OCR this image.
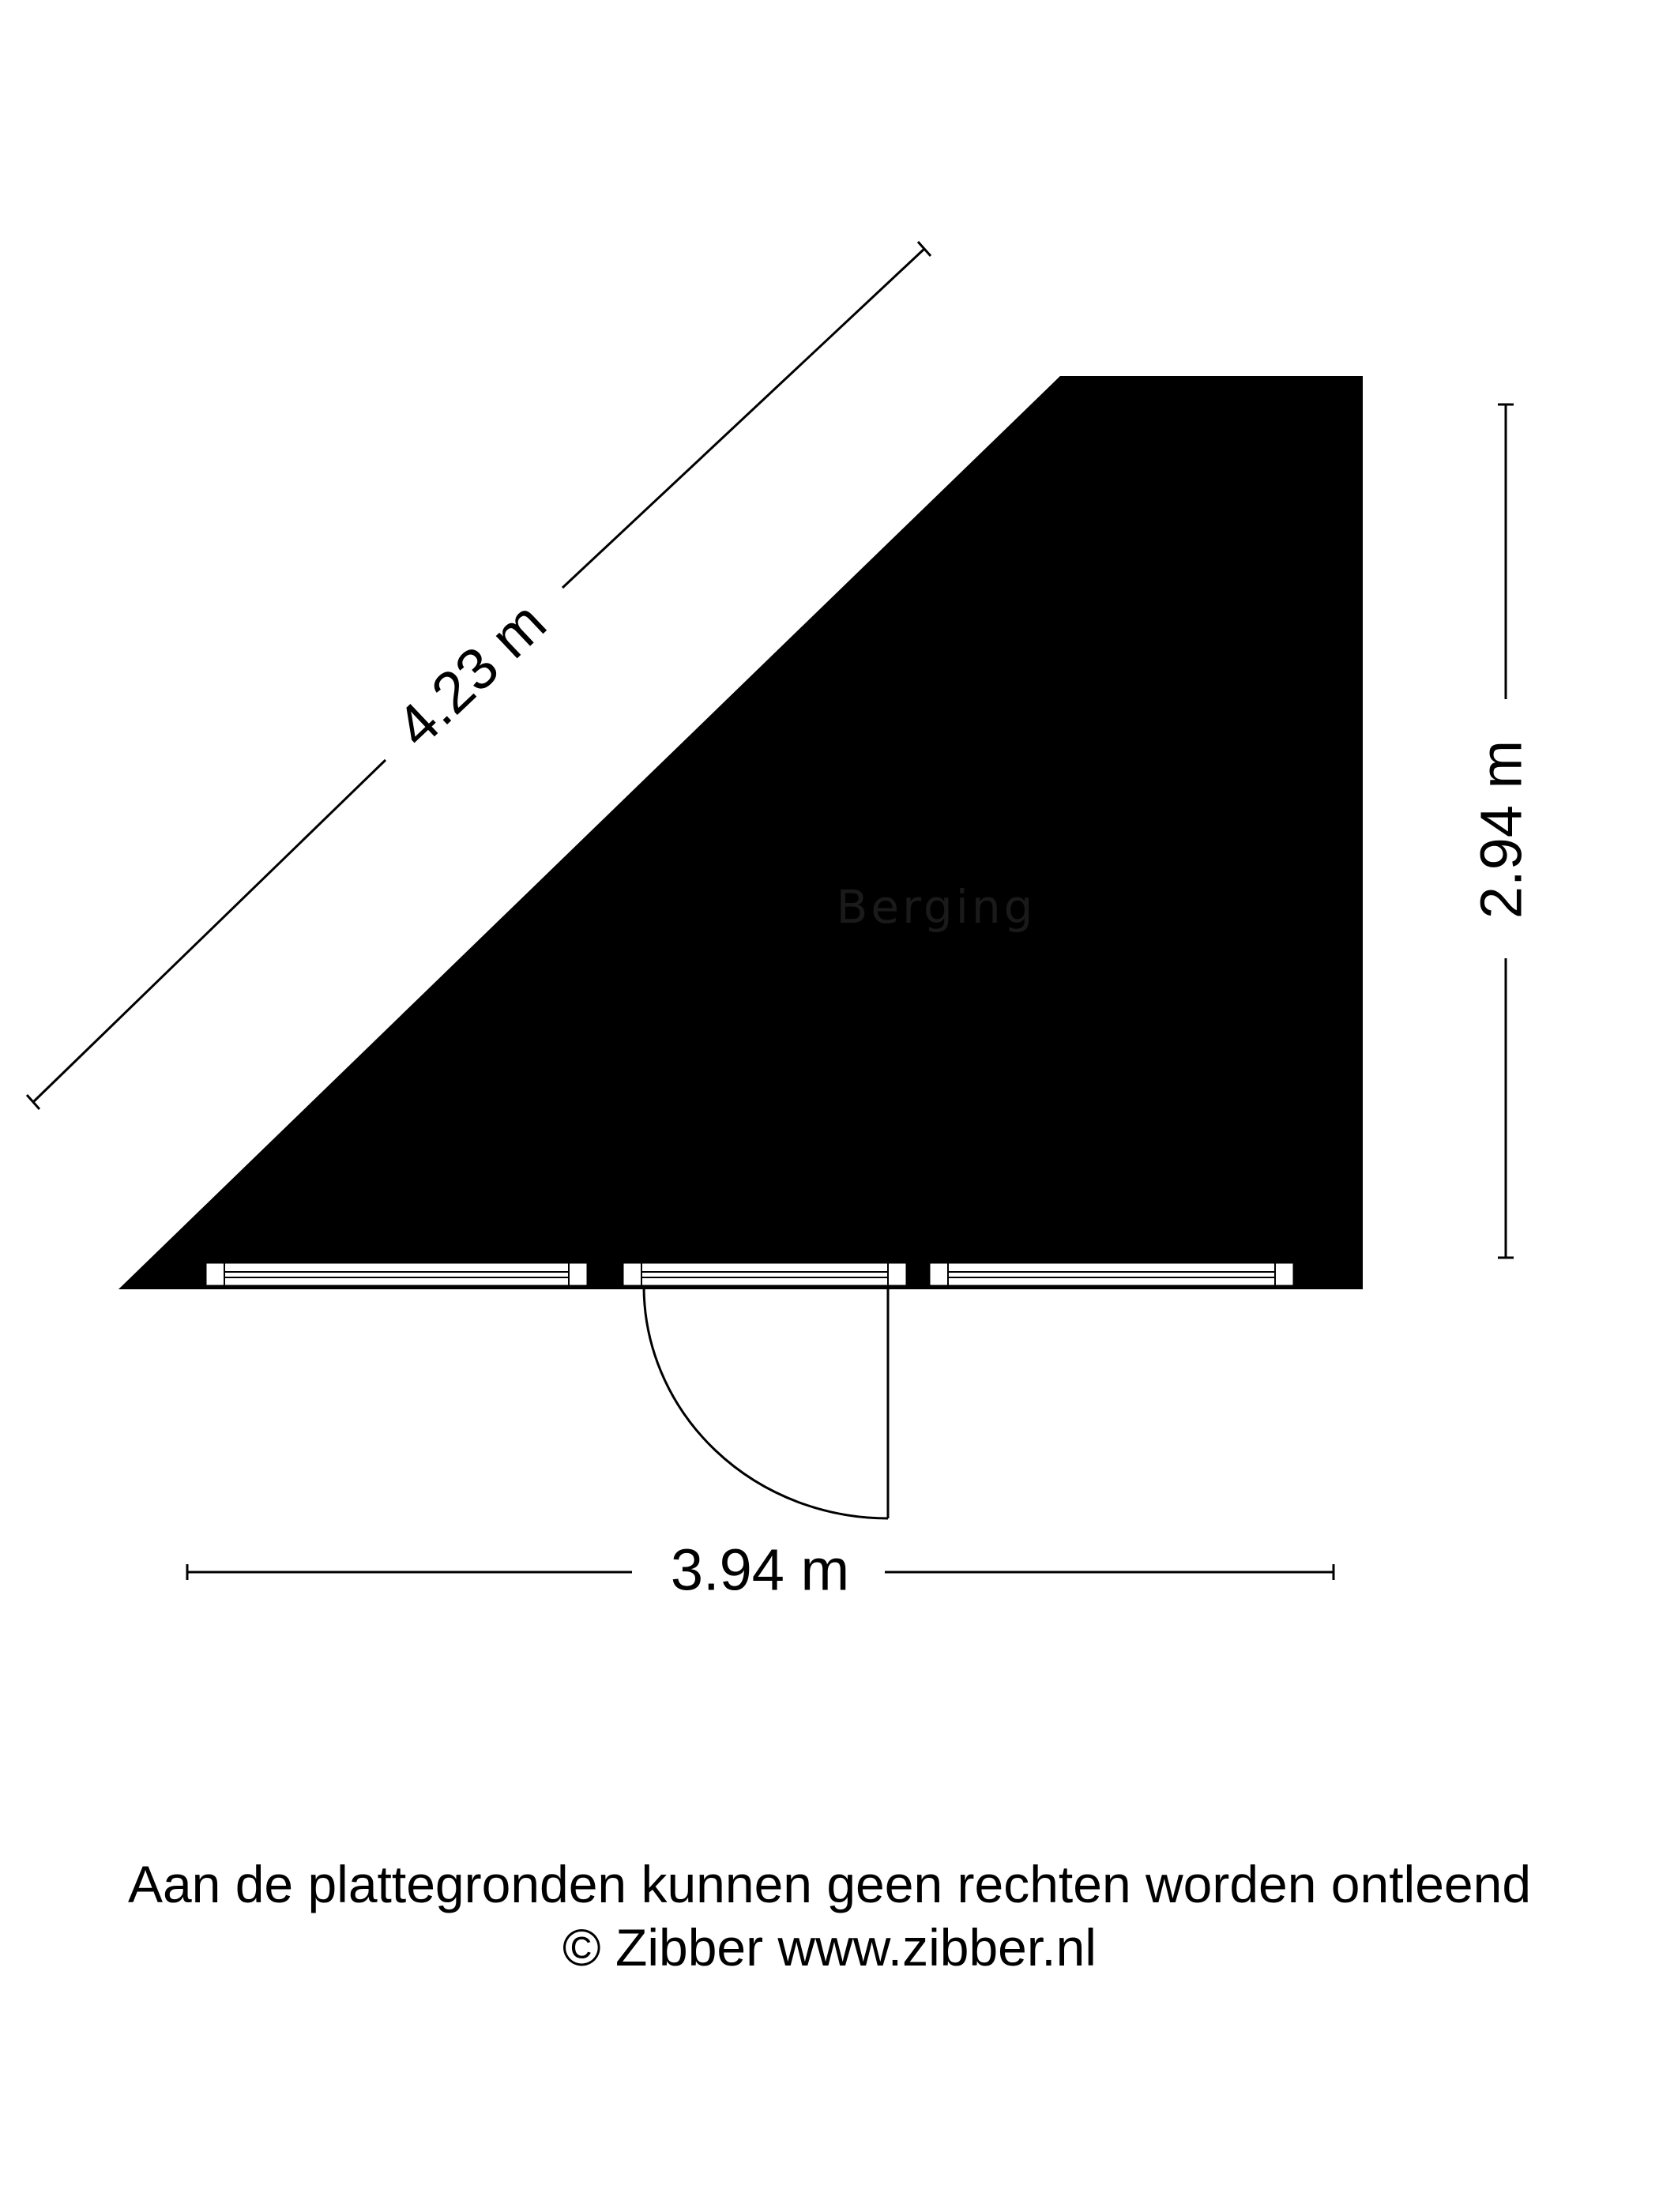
4.23 m
2.94 m
3.94 m
Berging
Aan de plattegronden kunnen geen rechten worden ontleend
© Zibber www.zibber.nl
